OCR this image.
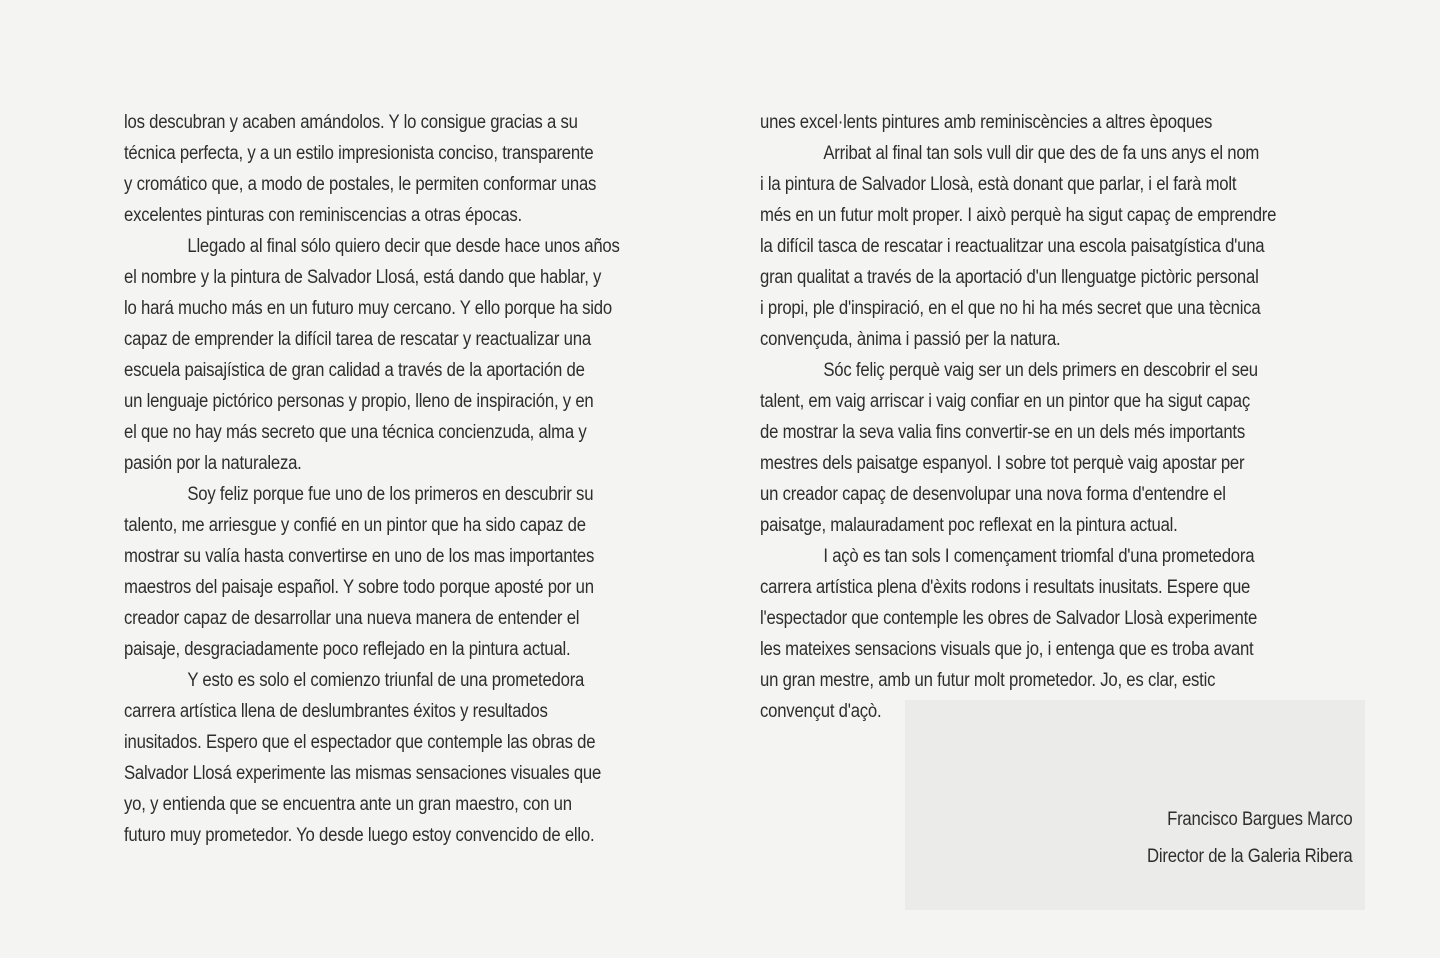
los descubran y acaben amándolos. Y lo consigue gracias a su
técnica perfecta, y a un estilo impresionista conciso, transparente
y cromático que, a modo de postales, le permiten conformar unas
excelentes pinturas con reminiscencias a otras épocas.
Llegado al final sólo quiero decir que desde hace unos años
el nombre y la pintura de Salvador Llosá, está dando que hablar, y
lo hará mucho más en un futuro muy cercano. Y ello porque ha sido
capaz de emprender la difícil tarea de rescatar y reactualizar una
escuela paisajística de gran calidad a través de la aportación de
un lenguaje pictórico personas y propio, lleno de inspiración, y en
el que no hay más secreto que una técnica concienzuda, alma y
pasión por la naturaleza.
Soy feliz porque fue uno de los primeros en descubrir su
talento, me arriesgue y confié en un pintor que ha sido capaz de
mostrar su valía hasta convertirse en uno de los mas importantes
maestros del paisaje español. Y sobre todo porque aposté por un
creador capaz de desarrollar una nueva manera de entender el
paisaje, desgraciadamente poco reflejado en la pintura actual.
Y esto es solo el comienzo triunfal de una prometedora
carrera artística llena de deslumbrantes éxitos y resultados
inusitados. Espero que el espectador que contemple las obras de
Salvador Llosá experimente las mismas sensaciones visuales que
yo, y entienda que se encuentra ante un gran maestro, con un
futuro muy prometedor. Yo desde luego estoy convencido de ello.
unes excel·lents pintures amb reminiscències a altres èpoques
Arribat al final tan sols vull dir que des de fa uns anys el nom
i la pintura de Salvador Llosà, està donant que parlar, i el farà molt
més en un futur molt proper. I això perquè ha sigut capaç de emprendre
la difícil tasca de rescatar i reactualitzar una escola paisatgística d'una
gran qualitat a través de la aportació d'un llenguatge pictòric personal
i propi, ple d'inspiració, en el que no hi ha més secret que una tècnica
convençuda, ànima i passió per la natura.
Sóc feliç perquè vaig ser un dels primers en descobrir el seu
talent, em vaig arriscar i vaig confiar en un pintor que ha sigut capaç
de mostrar la seva valia fins convertir-se en un dels més importants
mestres dels paisatge espanyol. I sobre tot perquè vaig apostar per
un creador capaç de desenvolupar una nova forma d'entendre el
paisatge, malauradament poc reflexat en la pintura actual.
I açò es tan sols I començament triomfal d'una prometedora
carrera artística plena d'èxits rodons i resultats inusitats. Espere que
l'espectador que contemple les obres de Salvador Llosà experimente
les mateixes sensacions visuals que jo, i entenga que es troba avant
un gran mestre, amb un futur molt prometedor. Jo, es clar, estic
convençut d'açò.
Francisco Bargues Marco
Director de la Galeria Ribera
